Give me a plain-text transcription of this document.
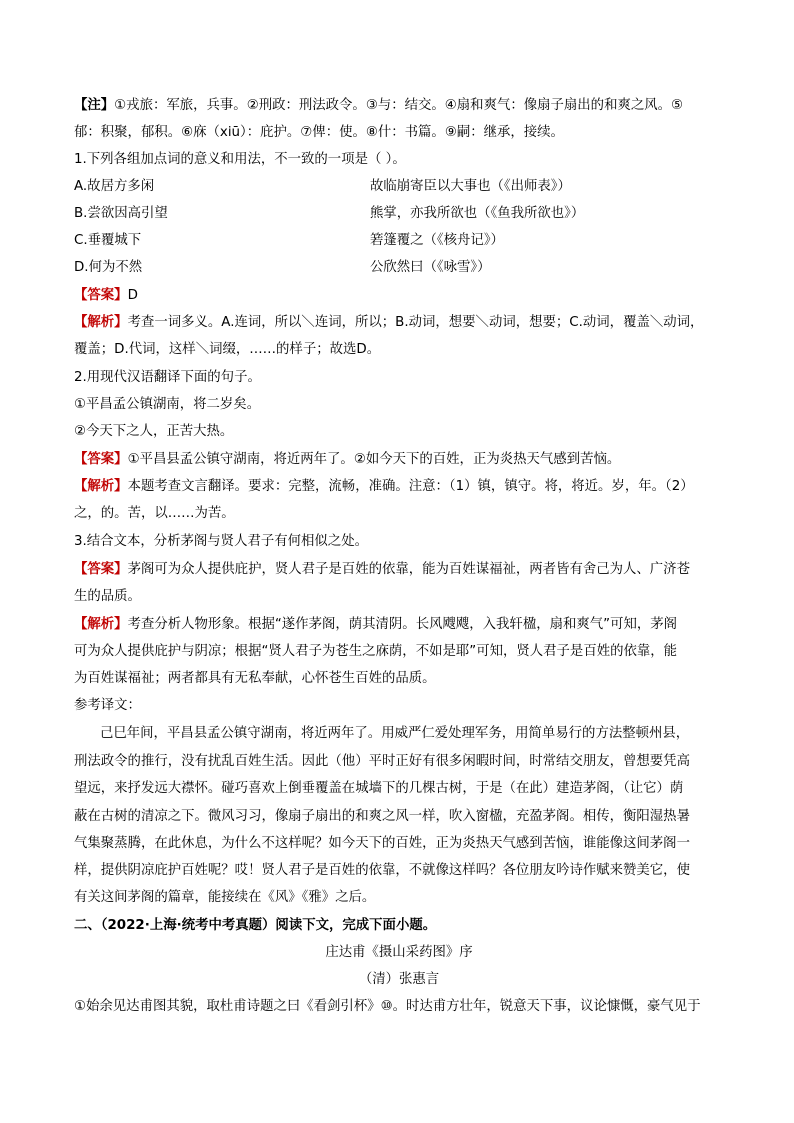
【注】①戎旅：军旅，兵事。②刑政：刑法政令。③与：结交。④扇和爽气：像扇子扇出的和爽之风。⑤
郁：积聚，郁积。⑥庥（xiū）：庇护。⑦俾：使。⑧什：书篇。⑨嗣：继承，接续。
1.下列各组加点词的意义和用法，不一致的一项是（ ）。
A.故居方多闲	故临崩寄臣以大事也（《出师表》）
B.尝欲因高引望	熊掌，亦我所欲也（《鱼我所欲也》）
C.垂覆城下	箬篷覆之（《核舟记》）
D.何为不然	公欣然曰（《咏雪》）
【答案】D
【解析】考查一词多义。A.连词，所以＼连词，所以；B.动词，想要＼动词，想要；C.动词，覆盖＼动词，
覆盖；D.代词，这样＼词缀，……的样子；故选D。
2.用现代汉语翻译下面的句子。
①平昌孟公镇湖南，将二岁矣。
②今天下之人，正苦大热。
【答案】①平昌县孟公镇守湖南，将近两年了。②如今天下的百姓，正为炎热天气感到苦恼。
【解析】本题考查文言翻译。要求：完整，流畅，准确。注意：（1）镇，镇守。将，将近。岁，年。（2）
之，的。苦，以……为苦。
3.结合文本，分析茅阁与贤人君子有何相似之处。
【答案】茅阁可为众人提供庇护，贤人君子是百姓的依靠，能为百姓谋福祉，两者皆有舍己为人、广济苍
生的品质。
【解析】考查分析人物形象。根据“遂作茅阁，荫其清阴。长风飕飕，入我轩楹，扇和爽气”可知，茅阁
可为众人提供庇护与阴凉；根据“贤人君子为苍生之庥荫，不如是耶”可知，贤人君子是百姓的依靠，能
为百姓谋福祉；两者都具有无私奉献，心怀苍生百姓的品质。
参考译文：
己巳年间，平昌县孟公镇守湖南，将近两年了。用威严仁爱处理军务，用简单易行的方法整顿州县，
刑法政令的推行，没有扰乱百姓生活。因此（他）平时正好有很多闲暇时间，时常结交朋友，曾想要凭高
望远，来抒发远大襟怀。碰巧喜欢上倒垂覆盖在城墙下的几棵古树，于是（在此）建造茅阁，（让它）荫
蔽在古树的清凉之下。微风习习，像扇子扇出的和爽之风一样，吹入窗楹，充盈茅阁。相传，衡阳湿热暑
气集聚蒸腾，在此休息，为什么不这样呢？如今天下的百姓，正为炎热天气感到苦恼，谁能像这间茅阁一
样，提供阴凉庇护百姓呢？哎！贤人君子是百姓的依靠，不就像这样吗？各位朋友吟诗作赋来赞美它，使
有关这间茅阁的篇章，能接续在《风》《雅》之后。
二、（2022·上海·统考中考真题）阅读下文，完成下面小题。
庄达甫《摄山采药图》序
（清）张惠言
①始余见达甫图其貌，取杜甫诗题之曰《看剑引杯》⑩。时达甫方壮年，锐意天下事，议论慷慨，豪气见于
